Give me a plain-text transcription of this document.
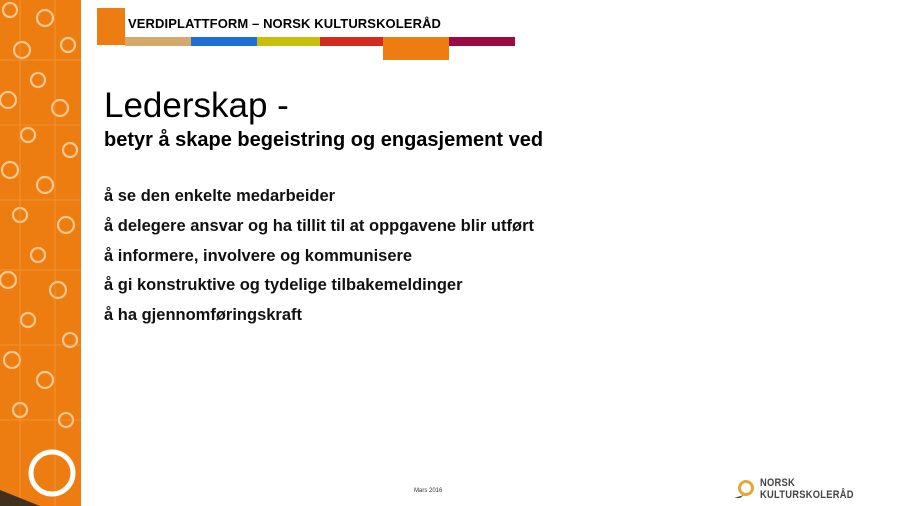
VERDIPLATTFORM – NORSK KULTURSKOLERÅD
Lederskap -
betyr å skape begeistring og engasjement ved
å se den enkelte medarbeider
å delegere ansvar og ha tillit til at oppgavene blir utført
å informere, involvere og kommunisere
å gi konstruktive og tydelige tilbakemeldinger
å ha gjennomføringskraft
Mars 2016
NORSK KULTURSKOLERÅD
